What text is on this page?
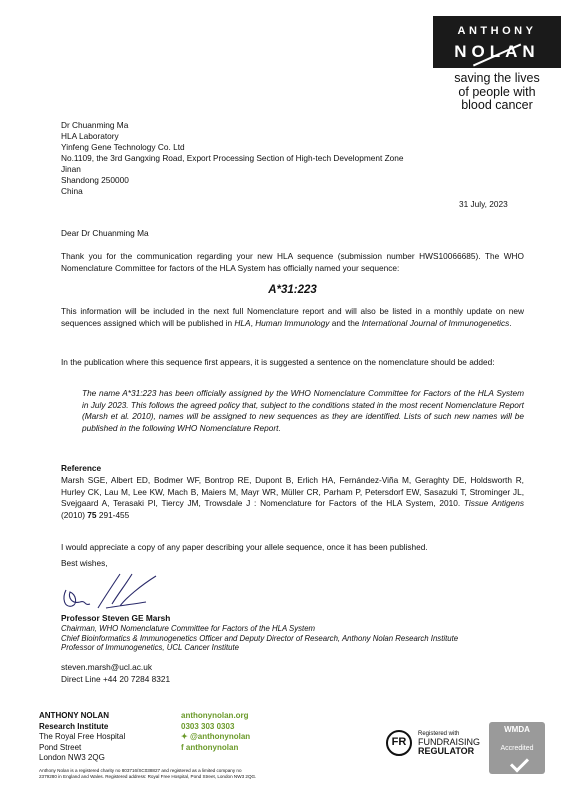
ANTHONY
NOLAN
saving the lives
of people with
blood cancer
Dr Chuanming Ma
HLA Laboratory
Yinfeng Gene Technology Co. Ltd
No.1109, the 3rd Gangxing Road, Export Processing Section of High-tech Development Zone
Jinan
Shandong 250000
China
31 July, 2023
Dear Dr Chuanming Ma
Thank you for the communication regarding your new HLA sequence (submission number HWS10066685). The WHO Nomenclature Committee for factors of the HLA System has officially named your sequence:
A*31:223
This information will be included in the next full Nomenclature report and will also be listed in a monthly update on new sequences assigned which will be published in HLA, Human Immunology and the International Journal of Immunogenetics.
In the publication where this sequence first appears, it is suggested a sentence on the nomenclature should be added:
The name A*31:223 has been officially assigned by the WHO Nomenclature Committee for Factors of the HLA System in July 2023. This follows the agreed policy that, subject to the conditions stated in the most recent Nomenclature Report (Marsh et al. 2010), names will be assigned to new sequences as they are identified. Lists of such new names will be published in the following WHO Nomenclature Report.
Reference
Marsh SGE, Albert ED, Bodmer WF, Bontrop RE, Dupont B, Erlich HA, Fernández-Viña M, Geraghty DE, Holdsworth R, Hurley CK, Lau M, Lee KW, Mach B, Maiers M, Mayr WR, Müller CR, Parham P, Petersdorf EW, Sasazuki T, Strominger JL, Svejgaard A, Terasaki PI, Tiercy JM, Trowsdale J : Nomenclature for Factors of the HLA System, 2010. Tissue Antigens (2010) 75 291-455
I would appreciate a copy of any paper describing your allele sequence, once it has been published.
Best wishes,
Professor Steven GE Marsh
Chairman, WHO Nomenclature Committee for Factors of the HLA System
Chief Bioinformatics & Immunogenetics Officer and Deputy Director of Research, Anthony Nolan Research Institute
Professor of Immunogenetics, UCL Cancer Institute
steven.marsh@ucl.ac.uk
Direct Line +44 20 7284 8321
ANTHONY NOLAN
Research Institute
The Royal Free Hospital
Pond Street
London NW3 2QG
anthonynolan.org
0303 303 0303
✦ @anthonynolan
f anthonynolan
Anthony Nolan is a registered charity no 803716/SC038827 and registered as a limited company no
2379280 in England and Wales. Registered address: Royal Free Hospital, Pond Street, London NW3 2QG.
FR
Registered with
FUNDRAISING
REGULATOR
WMDA
Accredited
